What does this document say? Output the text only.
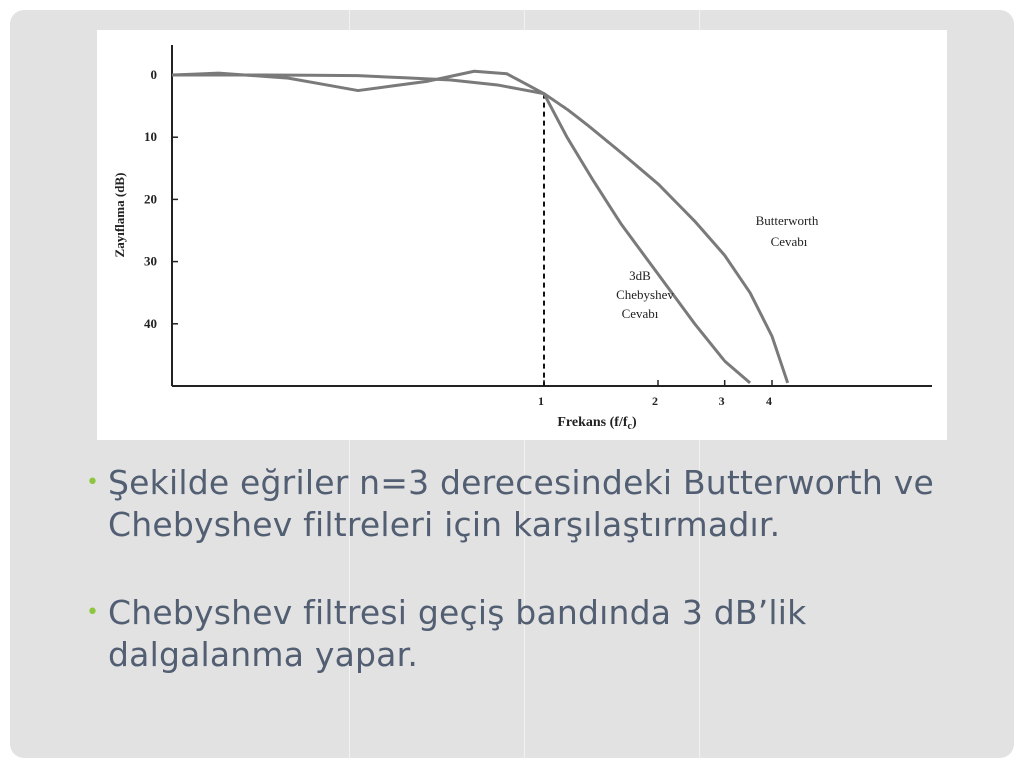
0
10
20
30
40
1	2	3	4
Frekans $(f/f_c)$
Zayıflama (dB)	Butterworth
Cevabı
3dB
Chebyshev
Cevabı
• Şekilde eğriler n=3 derecesindeki Butterworth ve Chebyshev filtreleri için karşılaştırmadır.
• Chebyshev filtresi geçiş bandında 3 dB’lik dalgalanma yapar.
